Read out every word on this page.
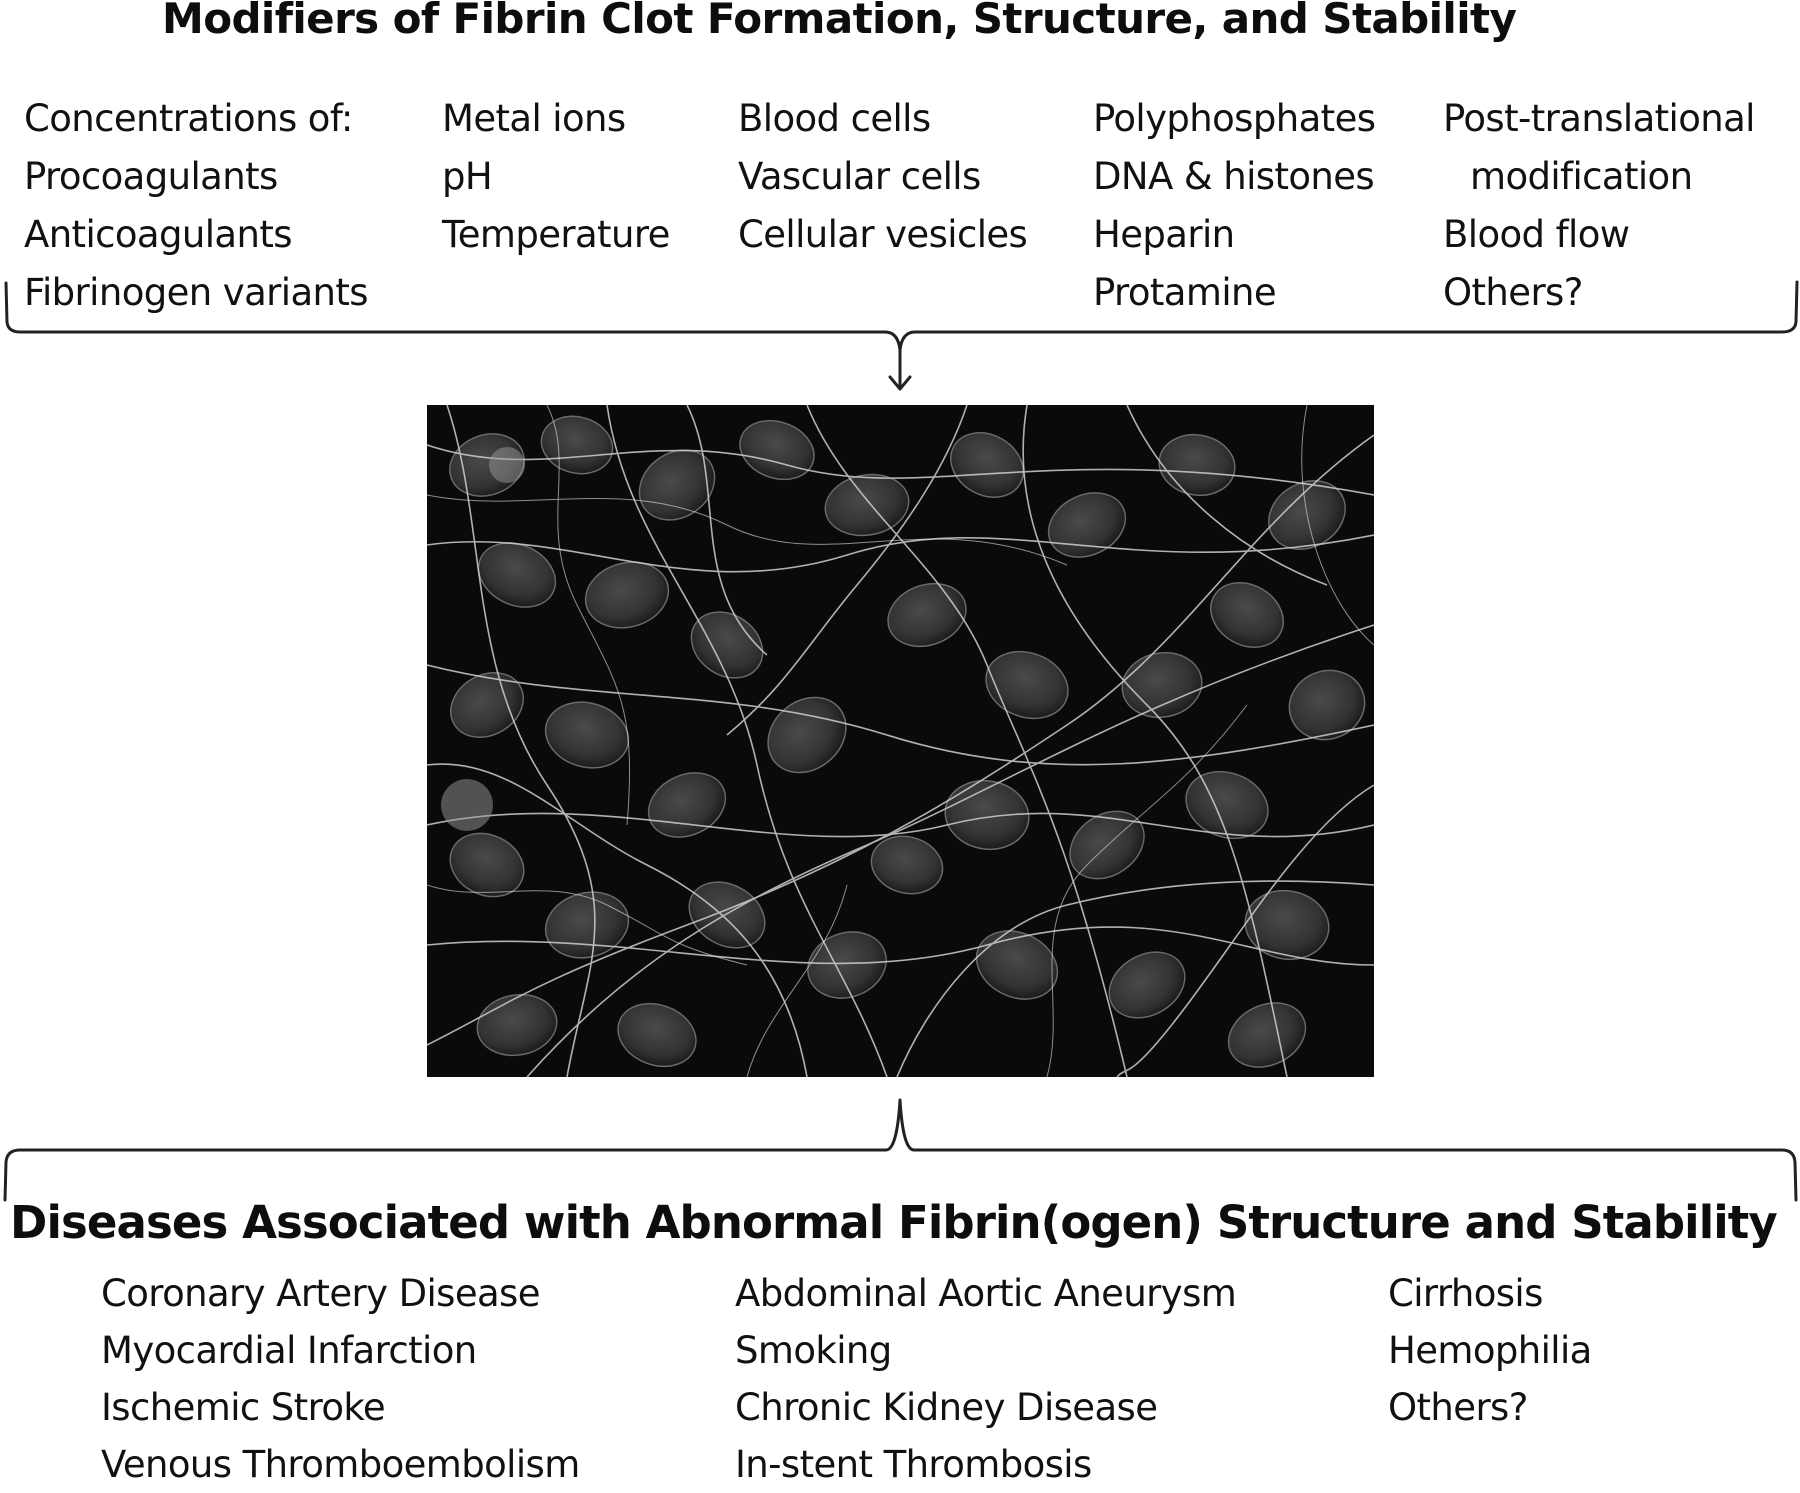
Modifiers of Fibrin Clot Formation, Structure, and Stability
Concentrations of:
Procoagulants
Anticoagulants
Fibrinogen variants
Metal ions
pH
Temperature
Blood cells
Vascular cells
Cellular vesicles
Polyphosphates
DNA & histones
Heparin
Protamine
Post-translational
modification
Blood flow
Others?
Diseases Associated with Abnormal Fibrin(ogen) Structure and Stability
Coronary Artery Disease
Myocardial Infarction
Ischemic Stroke
Venous Thromboembolism
Abdominal Aortic Aneurysm
Smoking
Chronic Kidney Disease
In-stent Thrombosis
Cirrhosis
Hemophilia
Others?
